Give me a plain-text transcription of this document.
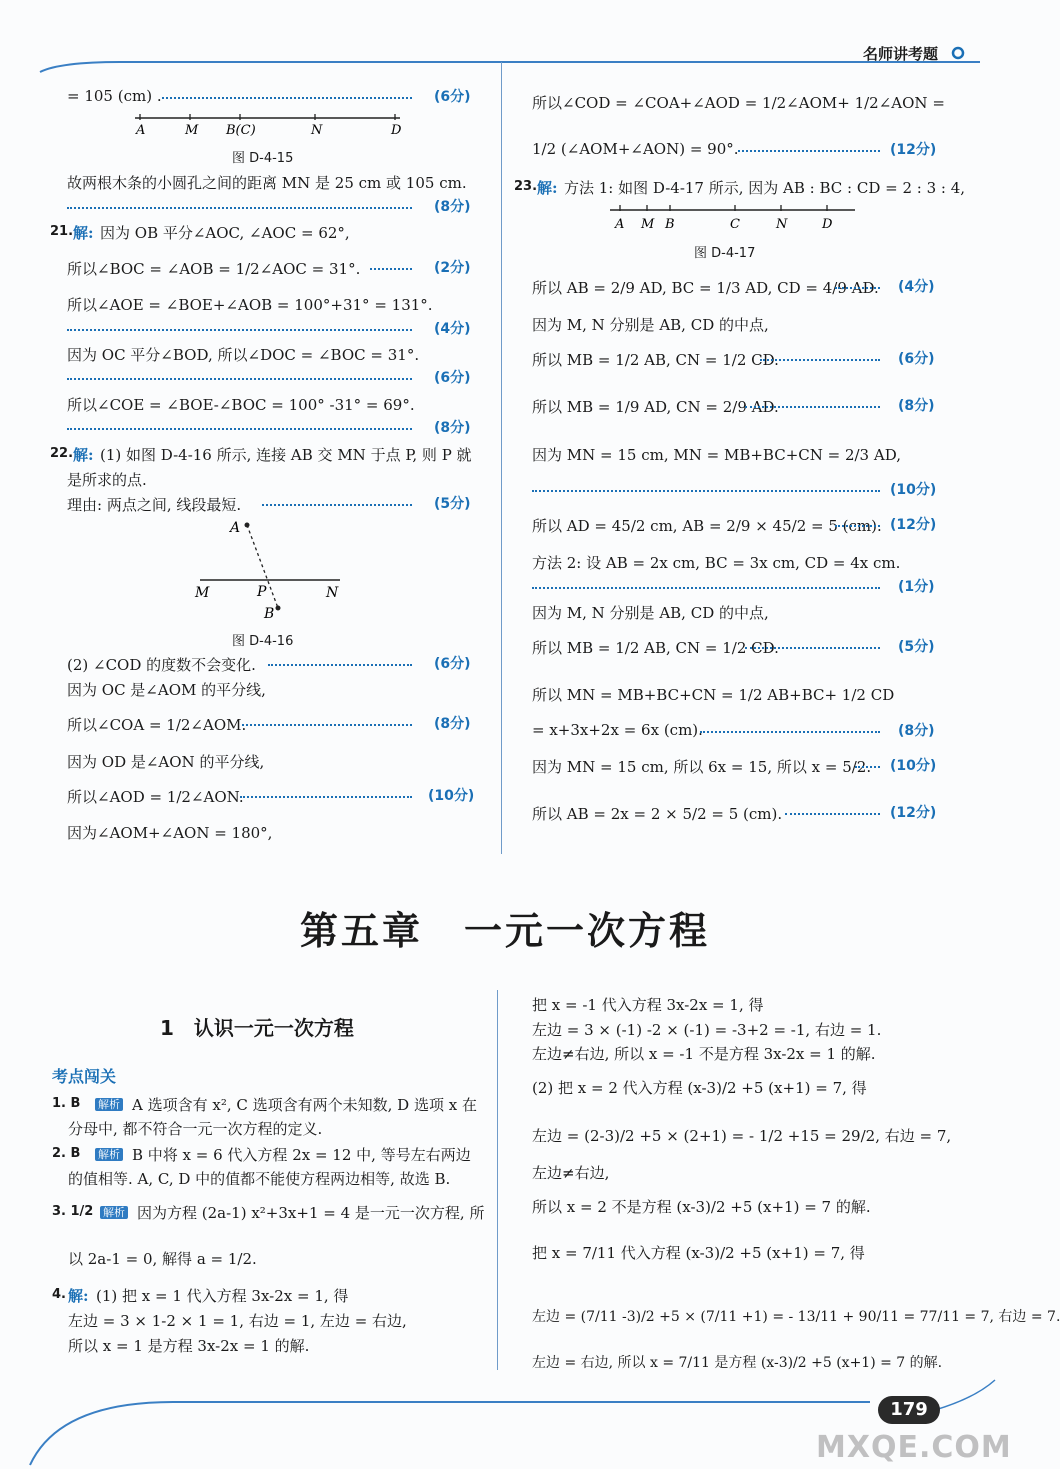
名师讲考题
= 105 (cm) .	(6分)
A	M B(C)	N	D
图 D-4-15
故两根木条的小圆孔之间的距离 MN 是 25 cm 或 105 cm.
(8分)
21. 解: 因为 OB 平分∠AOC, ∠AOC = 62°,
所以∠BOC = ∠AOB = 1/2∠AOC = 31°.	(2分)
所以∠AOE = ∠BOE+∠AOB = 100°+31° = 131°.
(4分)
因为 OC 平分∠BOD, 所以∠DOC = ∠BOC = 31°.
(6分)
所以∠COE = ∠BOE-∠BOC = 100° -31° = 69°.
(8分)
22. 解: (1) 如图 D-4-16 所示, 连接 AB 交 MN 于点 P, 则 P 就
是所求的点.
理由: 两点之间, 线段最短.	(5分)
A
M	P	N
B
图 D-4-16
(2) ∠COD 的度数不会变化.	(6分)
因为 OC 是∠AOM 的平分线,
所以∠COA = 1/2∠AOM.	(8分)
因为 OD 是∠AON 的平分线,
所以∠AOD = 1/2∠AON.	(10分)
因为∠AOM+∠AON = 180°,
所以∠COD = ∠COA+∠AOD = 1/2∠AOM+ 1/2∠AON =
1/2 (∠AOM+∠AON) = 90°.	(12分)
23. 解: 方法 1: 如图 D-4-17 所示, 因为 AB : BC : CD = 2 : 3 : 4,
A M B	C	N	D
图 D-4-17
所以 AB = 2/9 AD, BC = 1/3 AD, CD = 4/9 AD. (4分)
因为 M, N 分别是 AB, CD 的中点,
所以 MB = 1/2 AB, CN = 1/2 CD.	(6分)
所以 MB = 1/9 AD, CN = 2/9 AD.	(8分)
因为 MN = 15 cm, MN = MB+BC+CN = 2/3 AD,
(10分)
所以 AD = 45/2 cm, AB = 2/9 × 45/2 = 5 (cm). (12分)
方法 2: 设 AB = 2x cm, BC = 3x cm, CD = 4x cm.
(1分)
因为 M, N 分别是 AB, CD 的中点,
所以 MB = 1/2 AB, CN = 1/2 CD.	(5分)
所以 MN = MB+BC+CN = 1/2 AB+BC+ 1/2 CD
= x+3x+2x = 6x (cm).	(8分)
因为 MN = 15 cm, 所以 6x = 15, 所以 x = 5/2. (10分)
所以 AB = 2x = 2 × 5/2 = 5 (cm).	(12分)
第五章　一元一次方程
1　认识一元一次方程
考点闯关
1. B 解析 A 选项含有 x², C 选项含有两个未知数, D 选项 x 在
分母中, 都不符合一元一次方程的定义.
2. B 解析 B 中将 x = 6 代入方程 2x = 12 中, 等号左右两边
的值相等. A, C, D 中的值都不能使方程两边相等, 故选 B.
3. 1/2 解析 因为方程 (2a-1) x²+3x+1 = 4 是一元一次方程, 所
以 2a-1 = 0, 解得 a = 1/2.
4. 解: (1) 把 x = 1 代入方程 3x-2x = 1, 得
左边 = 3 × 1-2 × 1 = 1, 右边 = 1, 左边 = 右边,
所以 x = 1 是方程 3x-2x = 1 的解.
把 x = -1 代入方程 3x-2x = 1, 得
左边 = 3 × (-1) -2 × (-1) = -3+2 = -1, 右边 = 1.
左边≠右边, 所以 x = -1 不是方程 3x-2x = 1 的解.
(2) 把 x = 2 代入方程 (x-3)/2 +5 (x+1) = 7, 得
左边 = (2-3)/2 +5 × (2+1) = - 1/2 +15 = 29/2, 右边 = 7,
左边≠右边,
所以 x = 2 不是方程 (x-3)/2 +5 (x+1) = 7 的解.
把 x = 7/11 代入方程 (x-3)/2 +5 (x+1) = 7, 得
左边 = (7/11 -3)/2 +5 × (7/11 +1) = - 13/11 + 90/11 = 77/11 = 7, 右边 = 7.
左边 = 右边, 所以 x = 7/11 是方程 (x-3)/2 +5 (x+1) = 7 的解.
179
MXQE.COM
